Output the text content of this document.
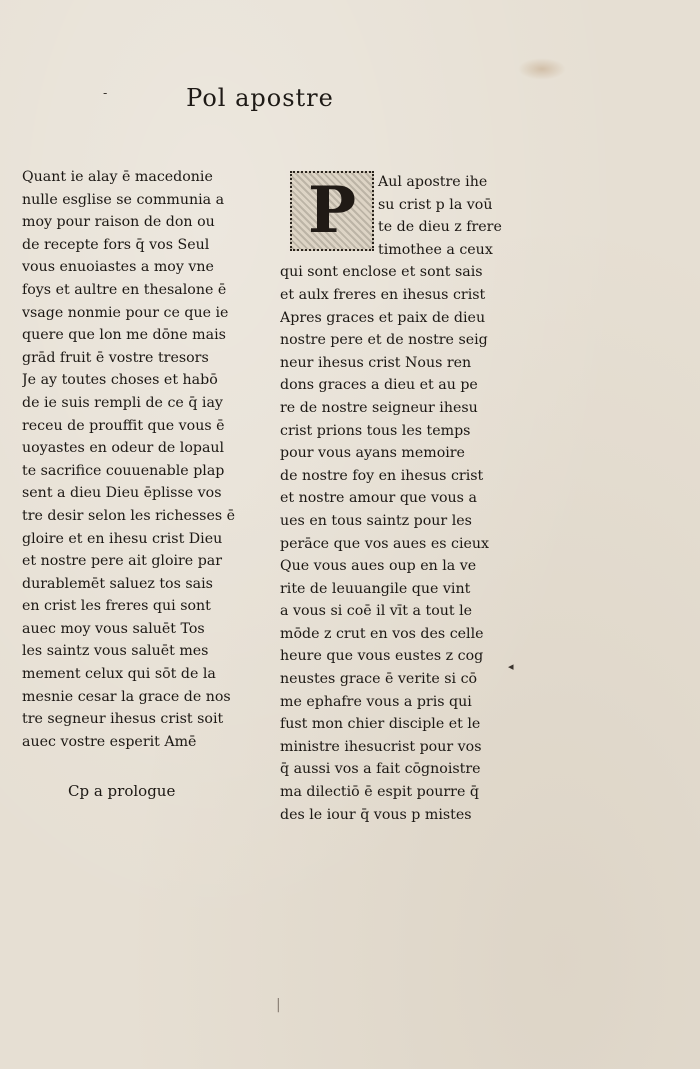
-	Pol apostre
Quant ie alay ē macedonie
nulle esglise se communia a
moy pour raison de don ou
de recepte fors q̄ vos Seul
vous enuoiastes a moy vne
foys et aultre en thesalone ē
vsage nonmie pour ce que ie
quere que lon me dōne mais
grād fruit ē vostre tresors
Je ay toutes choses et habō
de ie suis rempli de ce q̄ iay
receu de prouffit que vous ē
uoyastes en odeur de lopaul
te sacrifice couuenable plap
sent a dieu Dieu ēplisse vos
tre desir selon les richesses ē
gloire et en ihesu crist Dieu
et nostre pere ait gloire par
durablemēt saluez tos sais
en crist les freres qui sont
auec moy vous saluēt Tos
les saintz vous saluēt mes
mement celux qui sōt de la
mesnie cesar la grace de nos
tre segneur ihesus crist soit
auec vostre esperit Amē
Cp a prologue
P	Aul apostre ihe
su crist p la voū
te de dieu z frere
timothee a ceux
qui sont enclose et sont sais
et aulx freres en ihesus crist
Apres graces et paix de dieu
nostre pere et de nostre seig
neur ihesus crist Nous ren
dons graces a dieu et au pe
re de nostre seigneur ihesu
crist prions tous les temps
pour vous ayans memoire
de nostre foy en ihesus crist
et nostre amour que vous a
ues en tous saintz pour les
perāce que vos aues es cieux
Que vous aues oup en la ve
rite de leuuangile que vint
a vous si coē il vīt a tout le
mōde z crut en vos des celle
heure que vous eustes z cog
neustes grace ē verite si cō
me ephafre vous a pris qui
fust mon chier disciple et le
ministre ihesucrist pour vos
q̄ aussi vos a fait cōgnoistre
ma dilectiō ē espit pourre q̄
des le iour q̄ vous p mistes
◂
|
